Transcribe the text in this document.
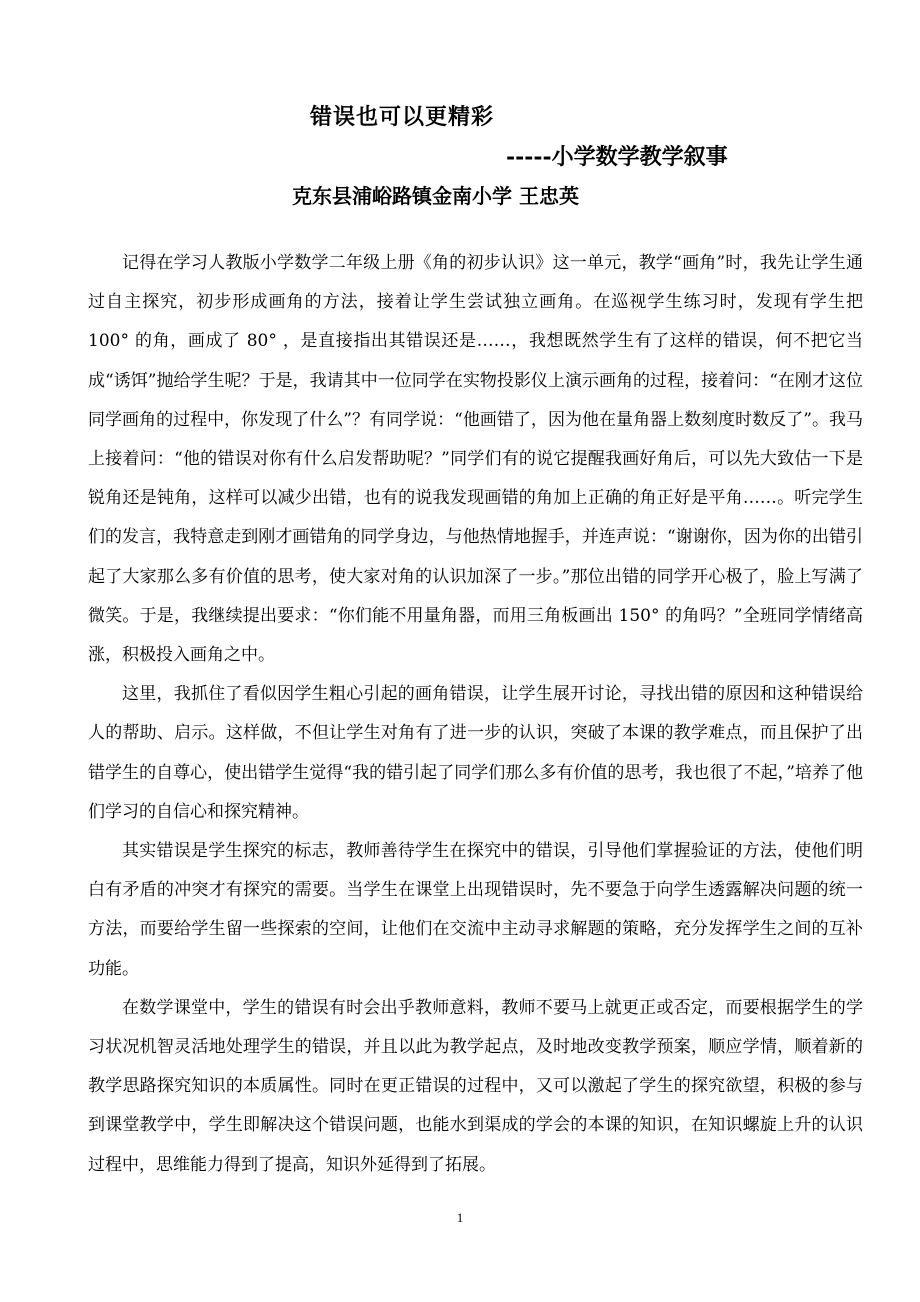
错误也可以更精彩
-----小学数学教学叙事
克东县浦峪路镇金南小学 王忠英

记得在学习人教版小学数学二年级上册《角的初步认识》这一单元，教学“画角”时，我先让学生通过自主探究，初步形成画角的方法，接着让学生尝试独立画角。在巡视学生练习时，发现有学生把 100° 的角，画成了 80° ，是直接指出其错误还是……，我想既然学生有了这样的错误，何不把它当成“诱饵”抛给学生呢？于是，我请其中一位同学在实物投影仪上演示画角的过程，接着问：“在刚才这位同学画角的过程中，你发现了什么”？有同学说：“他画错了，因为他在量角器上数刻度时数反了”。我马上接着问：“他的错误对你有什么启发帮助呢？”同学们有的说它提醒我画好角后，可以先大致估一下是锐角还是钝角，这样可以减少出错，也有的说我发现画错的角加上正确的角正好是平角……。听完学生们的发言，我特意走到刚才画错角的同学身边，与他热情地握手，并连声说：“谢谢你，因为你的出错引起了大家那么多有价值的思考，使大家对角的认识加深了一步。”那位出错的同学开心极了，脸上写满了微笑。于是，我继续提出要求：“你们能不用量角器，而用三角板画出 150° 的角吗？”全班同学情绪高涨，积极投入画角之中。

这里，我抓住了看似因学生粗心引起的画角错误，让学生展开讨论，寻找出错的原因和这种错误给人的帮助、启示。这样做，不但让学生对角有了进一步的认识，突破了本课的教学难点，而且保护了出错学生的自尊心，使出错学生觉得“我的错引起了同学们那么多有价值的思考，我也很了不起，”培养了他们学习的自信心和探究精神。

其实错误是学生探究的标志，教师善待学生在探究中的错误，引导他们掌握验证的方法，使他们明白有矛盾的冲突才有探究的需要。当学生在课堂上出现错误时，先不要急于向学生透露解决问题的统一方法，而要给学生留一些探索的空间，让他们在交流中主动寻求解题的策略，充分发挥学生之间的互补功能。

在数学课堂中，学生的错误有时会出乎教师意料，教师不要马上就更正或否定，而要根据学生的学习状况机智灵活地处理学生的错误，并且以此为教学起点，及时地改变教学预案，顺应学情，顺着新的教学思路探究知识的本质属性。同时在更正错误的过程中，又可以激起了学生的探究欲望，积极的参与到课堂教学中，学生即解决这个错误问题，也能水到渠成的学会的本课的知识，在知识螺旋上升的认识过程中，思维能力得到了提高，知识外延得到了拓展。

1
